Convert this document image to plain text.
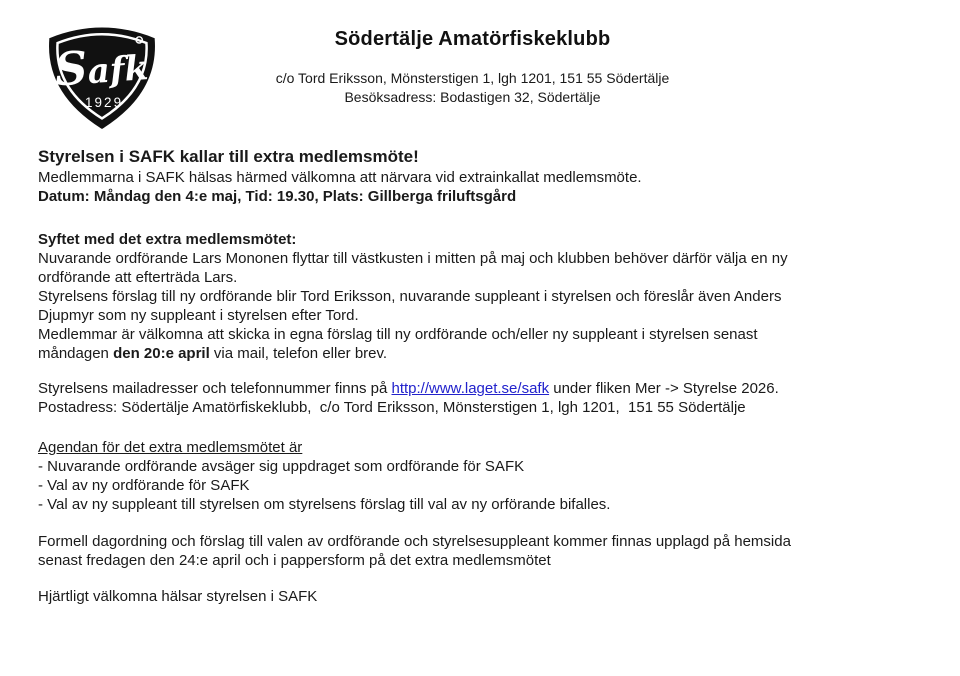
Safk
1929
Södertälje Amatörfiskeklubb
c/o Tord Eriksson, Mönsterstigen 1, lgh 1201, 151 55 Södertälje
Besöksadress: Bodastigen 32, Södertälje
Styrelsen i SAFK kallar till extra medlemsmöte!
Medlemmarna i SAFK hälsas härmed välkomna att närvara vid extrainkallat medlemsmöte.
Datum: Måndag den 4:e maj, Tid: 19.30, Plats: Gillberga friluftsgård
Syftet med det extra medlemsmötet:
Nuvarande ordförande Lars Mononen flyttar till västkusten i mitten på maj och klubben behöver därför välja en ny
ordförande att efterträda Lars.
Styrelsens förslag till ny ordförande blir Tord Eriksson, nuvarande suppleant i styrelsen och föreslår även Anders
Djupmyr som ny suppleant i styrelsen efter Tord.
Medlemmar är välkomna att skicka in egna förslag till ny ordförande och/eller ny suppleant i styrelsen senast
måndagen den 20:e april via mail, telefon eller brev.
Styrelsens mailadresser och telefonnummer finns på http://www.laget.se/safk under fliken Mer -> Styrelse 2026.
Postadress: Södertälje Amatörfiskeklubb,  c/o Tord Eriksson, Mönsterstigen 1, lgh 1201,  151 55 Södertälje
Agendan för det extra medlemsmötet är
- Nuvarande ordförande avsäger sig uppdraget som ordförande för SAFK
- Val av ny ordförande för SAFK
- Val av ny suppleant till styrelsen om styrelsens förslag till val av ny orförande bifalles.
Formell dagordning och förslag till valen av ordförande och styrelsesuppleant kommer finnas upplagd på hemsida
senast fredagen den 24:e april och i pappersform på det extra medlemsmötet
Hjärtligt välkomna hälsar styrelsen i SAFK
